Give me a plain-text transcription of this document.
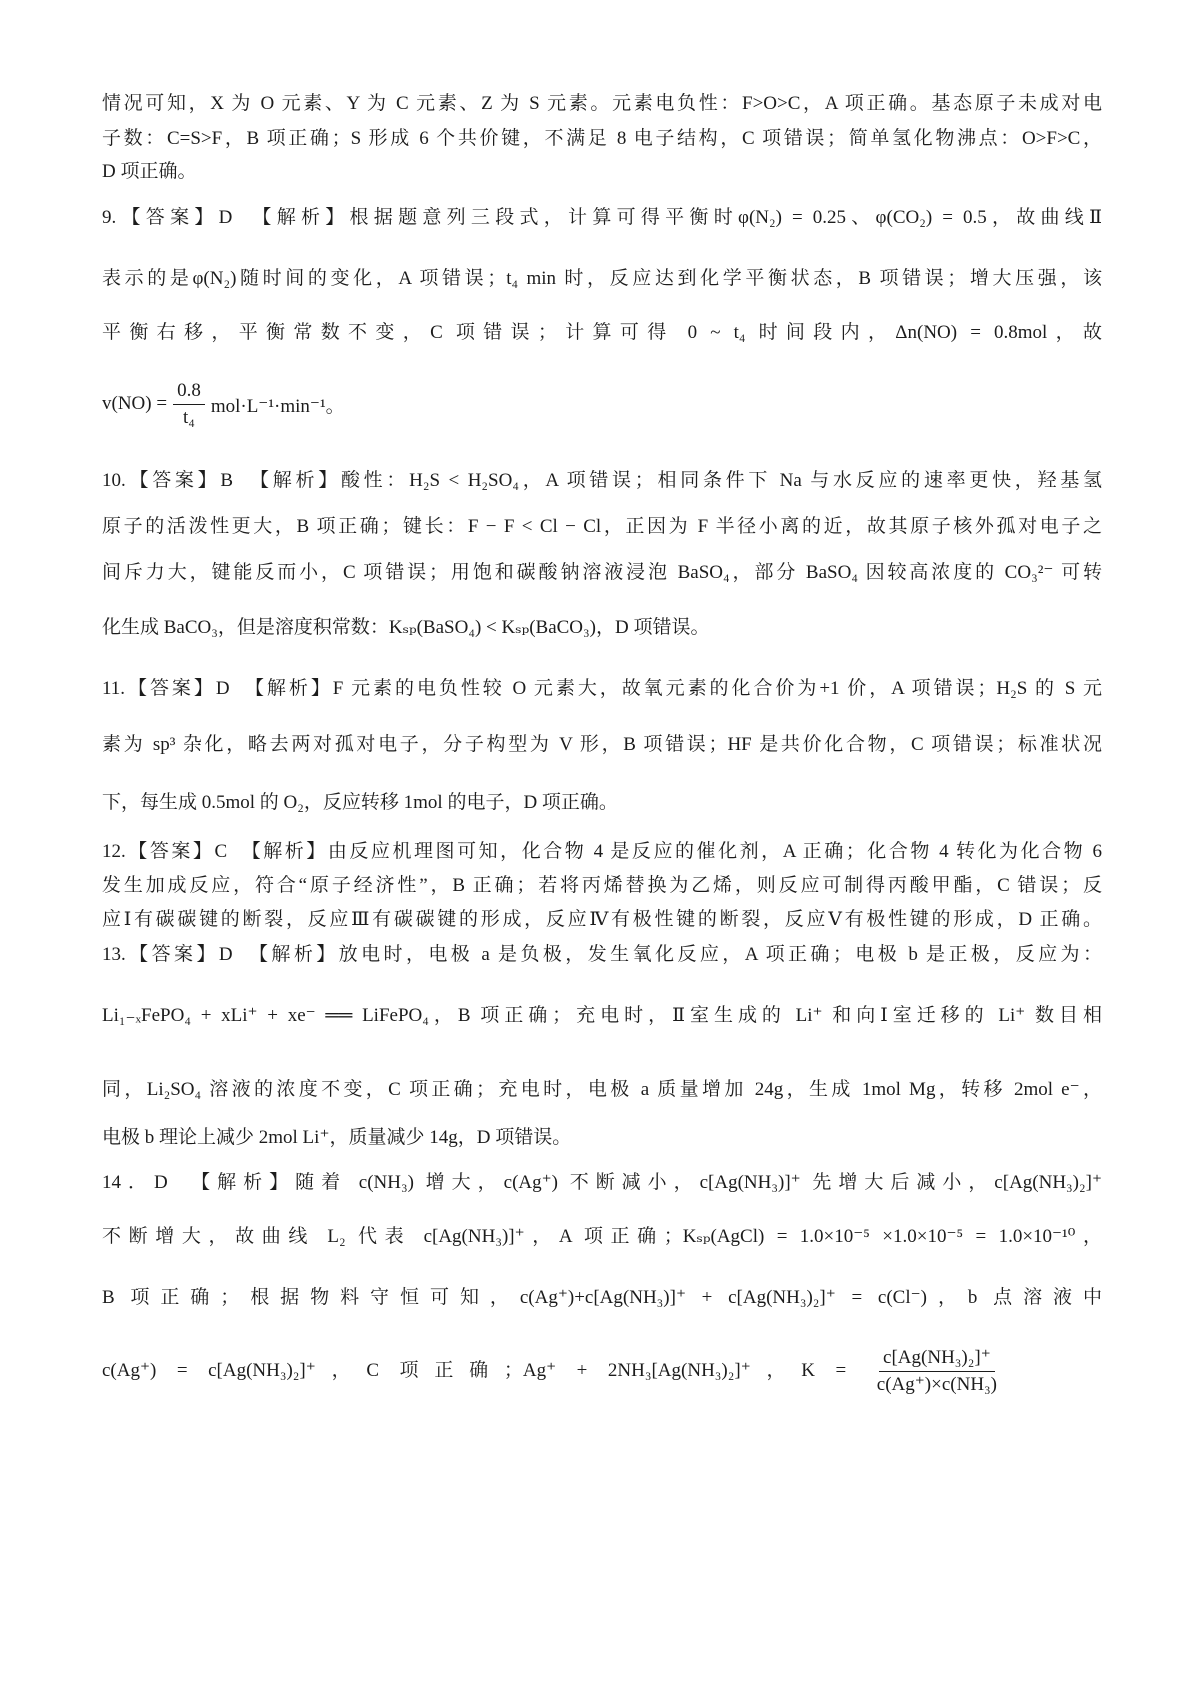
情况可知，X 为 O 元素、Y 为 C 元素、Z 为 S 元素。元素电负性：F>O>C，A 项正确。基态原子未成对电
子数：C=S>F，B 项正确；S 形成 6 个共价键，不满足 8 电子结构，C 项错误；简单氢化物沸点：O>F>C，
D 项正确。
9.【答案】D　【解析】根据题意列三段式，计算可得平衡时φ(N₂) = 0.25、φ(CO₂) = 0.5，故曲线Ⅱ
表示的是φ(N₂)随时间的变化，A 项错误；t₄ min 时，反应达到化学平衡状态，B 项错误；增大压强，该
平衡右移，平衡常数不变，C 项错误；计算可得 0 ~ t₄ 时间段内，Δn(NO) = 0.8mol，故
$v(NO) = \frac{0.8}{\text{t₄}} mol\cdot L^{-1}\cdot\min^{-1}$。
10.【答案】B　【解析】酸性：H₂S < H₂SO₄，A 项错误；相同条件下 Na 与水反应的速率更快，羟基氢
原子的活泼性更大，B 项正确；键长：F − F < Cl − Cl，正因为 F 半径小离的近，故其原子核外孤对电子之
间斥力大，键能反而小，C 项错误；用饱和碳酸钠溶液浸泡 BaSO₄，部分 BaSO₄ 因较高浓度的 CO₃²⁻ 可转
化生成 BaCO₃，但是溶度积常数：Kₛₚ(BaSO₄) < Kₛₚ(BaCO₃)，D 项错误。
11.【答案】D　【解析】F 元素的电负性较 O 元素大，故氧元素的化合价为+1 价，A 项错误；H₂S 的 S 元
素为 sp³ 杂化，略去两对孤对电子，分子构型为 V 形，B 项错误；HF 是共价化合物，C 项错误；标准状况
下，每生成 0.5mol 的 O₂，反应转移 1mol 的电子，D 项正确。
12.【答案】C　【解析】由反应机理图可知，化合物 4 是反应的催化剂，A 正确；化合物 4 转化为化合物 6
发生加成反应，符合“原子经济性”，B 正确；若将丙烯替换为乙烯，则反应可制得丙酸甲酯，C 错误；反
应Ⅰ有碳碳键的断裂，反应Ⅲ有碳碳键的形成，反应Ⅳ有极性键的断裂，反应Ⅴ有极性键的形成，D 正确。
13.【答案】D　【解析】放电时，电极 a 是负极，发生氧化反应，A 项正确；电极 b 是正极，反应为：
Li₁₋ₓFePO₄ + xLi⁺ + xe⁻ ══ LiFePO₄，B 项正确；充电时，Ⅱ室生成的 Li⁺ 和向Ⅰ室迁移的 Li⁺ 数目相
同，Li₂SO₄ 溶液的浓度不变，C 项正确；充电时，电极 a 质量增加 24g，生成 1mol Mg，转移 2mol e⁻，
电极 b 理论上减少 2mol Li⁺，质量减少 14g，D 项错误。
14．D　【解析】随着 c(NH₃) 增大，c(Ag⁺) 不断减小，c[Ag(NH₃)]⁺ 先增大后减小，c[Ag(NH₃)₂]⁺
不断增大，故曲线 L₂ 代表 c[Ag(NH₃)]⁺，A 项正确；Kₛₚ(AgCl) = 1.0×10⁻⁵ ×1.0×10⁻⁵ = 1.0×10⁻¹⁰，
B 项正确；根据物料守恒可知，c(Ag⁺)+c[Ag(NH₃)]⁺ + c[Ag(NH₃)₂]⁺ = c(Cl⁻)，b 点溶液中
c(Ag⁺) = c[Ag(NH₃)₂]⁺，C 项正确；Ag⁺ + 2NH₃[Ag(NH₃)₂]⁺，$K = \frac{\text{c[Ag(NH₃)₂]⁺}}{\text{c(Ag⁺)×c(NH₃)}}$
